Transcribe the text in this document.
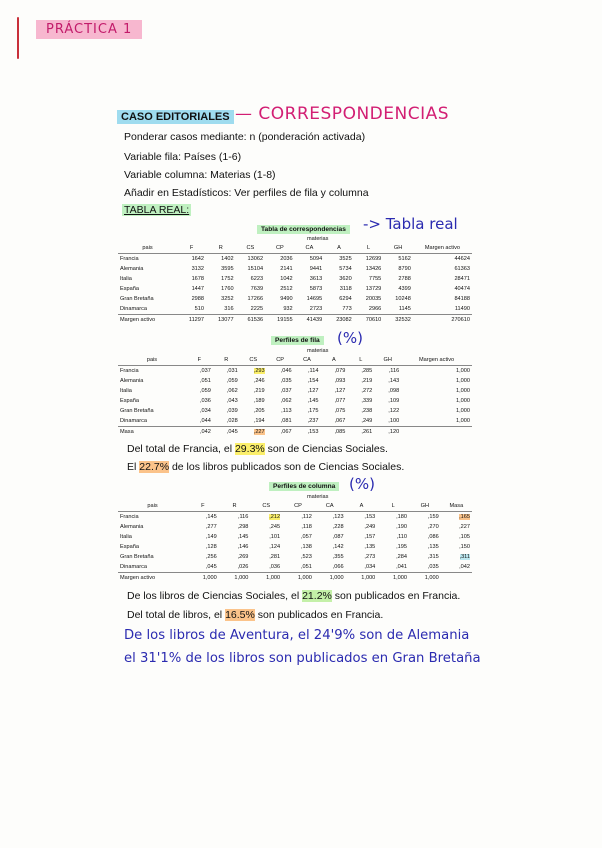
PRÁCTICA 1
CASO EDITORIALES — CORRESPONDENCIAS
Ponderar casos mediante: n (ponderación activada)
Variable fila: Países (1-6)
Variable columna: Materias (1-8)
Añadir en Estadísticos: Ver perfiles de fila y columna
TABLA REAL:
Tabla de correspondencias -> Tabla real
materias
pais	F	R	CS	CP	CA	A	L	GH	Margen activo
Francia	1642	1402	13062	2036	5094	3525	12699	5162	44624
Alemania	3132	3595	15104	2141	9441	5734	13426	8790	61363
Italia	1678	1752	6223	1042	3613	3620	7755	2788	28471
España	1447	1760	7639	2512	5873	3118	13729	4399	40474
Gran Bretaña	2988	3252	17266	9490	14695	6294	20035	10248	84188
Dinamarca	510	316	2225	932	2723	773	2966	1145	11490
Margen activo	11297	13077	61536	19155	41439	23082	70610	32532	270610
Perfiles de fila (%)
materias
pais	F	R	CS	CP	CA	A	L	GH	Margen activo
Francia	,037	,031	,293	,046	,114	,079	,285	,116	1,000
Alemania	,051	,059	,246	,035	,154	,093	,219	,143	1,000
Italia	,059	,062	,219	,037	,127	,127	,272	,098	1,000
España	,036	,043	,189	,062	,145	,077	,339	,109	1,000
Gran Bretaña	,034	,039	,205	,113	,175	,075	,238	,122	1,000
Dinamarca	,044	,028	,194	,081	,237	,067	,249	,100	1,000
Masa	,042	,045	,227	,067	,153	,085	,261	,120	
Del total de Francia, el 29.3% son de Ciencias Sociales.
El 22.7% de los libros publicados son de Ciencias Sociales.
Perfiles de columna (%)
materias
pais	F	R	CS	CP	CA	A	L	GH	Masa
Francia	,145	,116	,212	,112	,123	,153	,180	,159	,165
Alemania	,277	,298	,245	,118	,228	,249	,190	,270	,227
Italia	,149	,145	,101	,057	,087	,157	,110	,086	,105
España	,128	,146	,124	,138	,142	,135	,195	,135	,150
Gran Bretaña	,256	,269	,281	,523	,355	,273	,284	,315	,311
Dinamarca	,045	,026	,036	,051	,066	,034	,041	,035	,042
Margen activo	1,000	1,000	1,000	1,000	1,000	1,000	1,000	1,000	
De los libros de Ciencias Sociales, el 21.2% son publicados en Francia.
Del total de libros, el 16.5% son publicados en Francia.
De los libros de Aventura, el 24'9% son de Alemania
el 31'1% de los libros son publicados en Gran Bretaña
